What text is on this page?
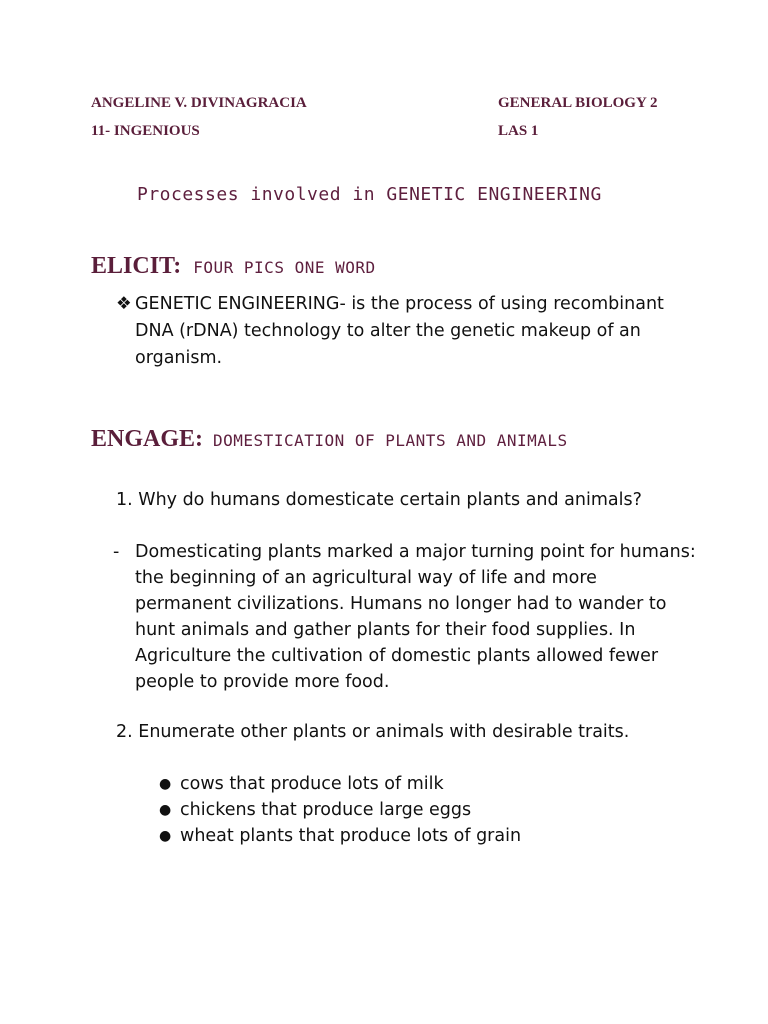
ANGELINE V. DIVINAGRACIA
11- INGENIOUS
GENERAL BIOLOGY 2
LAS 1
Processes involved in GENETIC ENGINEERING
ELICIT: FOUR PICS ONE WORD
❖ GENETIC ENGINEERING- is the process of using recombinant
DNA (rDNA) technology to alter the genetic makeup of an
organism.
ENGAGE: DOMESTICATION OF PLANTS AND ANIMALS
1. Why do humans domesticate certain plants and animals?
- Domesticating plants marked a major turning point for humans:
the beginning of an agricultural way of life and more
permanent civilizations. Humans no longer had to wander to
hunt animals and gather plants for their food supplies. In
Agriculture the cultivation of domestic plants allowed fewer
people to provide more food.
2. Enumerate other plants or animals with desirable traits.
● cows that produce lots of milk
● chickens that produce large eggs
● wheat plants that produce lots of grain
